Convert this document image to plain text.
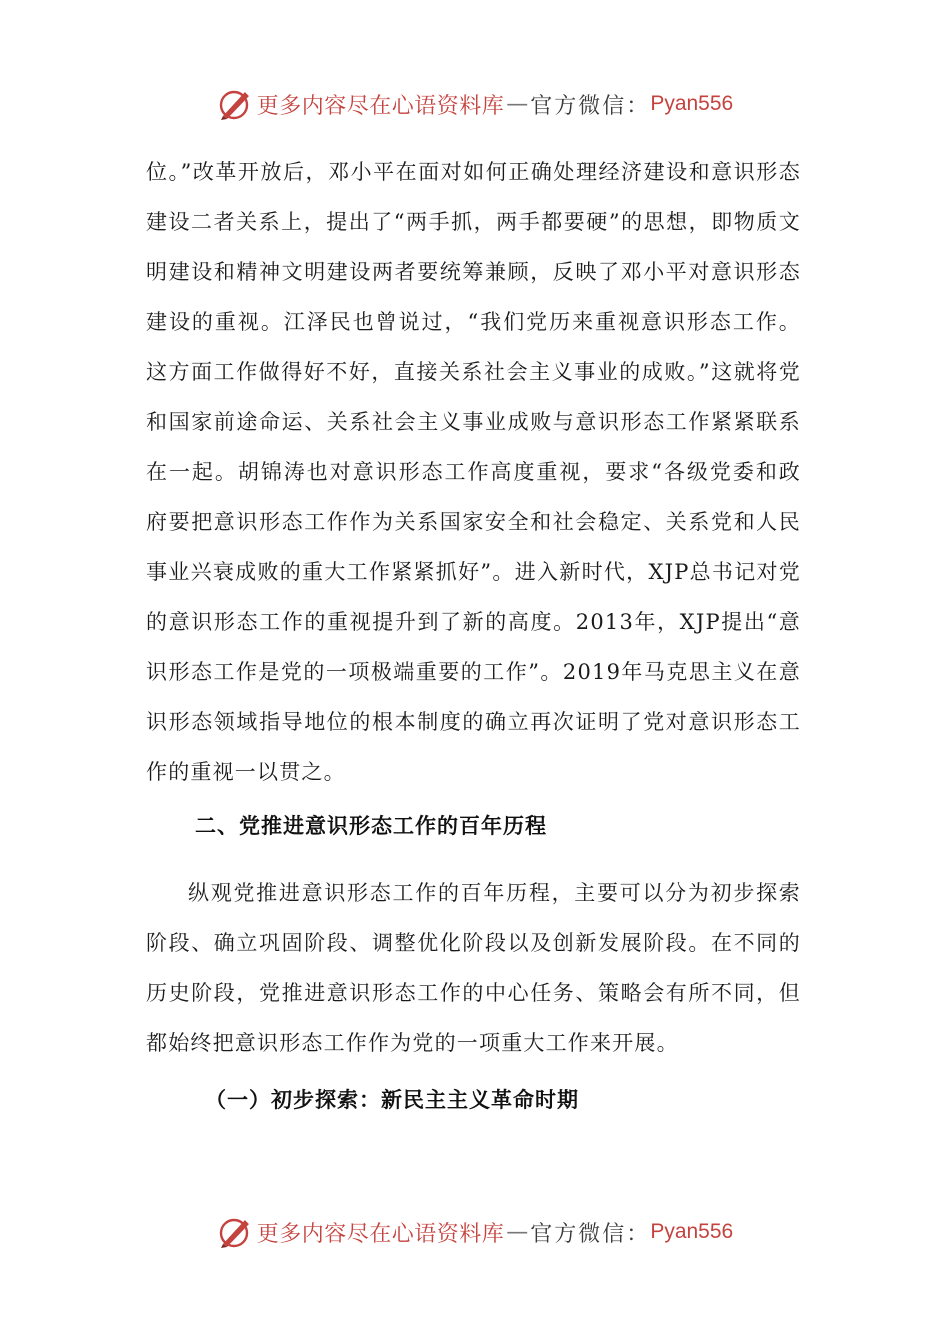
更多内容尽在心语资料库 — 官方微信： Pyan556
位。”改革开放后，邓小平在面对如何正确处理经济建设和意识形态建设二者关系上，提出了“两手抓，两手都要硬”的思想，即物质文明建设和精神文明建设两者要统筹兼顾，反映了邓小平对意识形态建设的重视。江泽民也曾说过，“我们党历来重视意识形态工作。这方面工作做得好不好，直接关系社会主义事业的成败。”这就将党和国家前途命运、关系社会主义事业成败与意识形态工作紧紧联系在一起。胡锦涛也对意识形态工作高度重视，要求“各级党委和政府要把意识形态工作作为关系国家安全和社会稳定、关系党和人民事业兴衰成败的重大工作紧紧抓好”。进入新时代，XJP总书记对党的意识形态工作的重视提升到了新的高度。2013年，XJP提出“意识形态工作是党的一项极端重要的工作”。2019年马克思主义在意识形态领域指导地位的根本制度的确立再次证明了党对意识形态工作的重视一以贯之。
二、党推进意识形态工作的百年历程
纵观党推进意识形态工作的百年历程，主要可以分为初步探索阶段、确立巩固阶段、调整优化阶段以及创新发展阶段。在不同的历史阶段，党推进意识形态工作的中心任务、策略会有所不同，但都始终把意识形态工作作为党的一项重大工作来开展。
（一）初步探索：新民主主义革命时期
更多内容尽在心语资料库 — 官方微信： Pyan556
